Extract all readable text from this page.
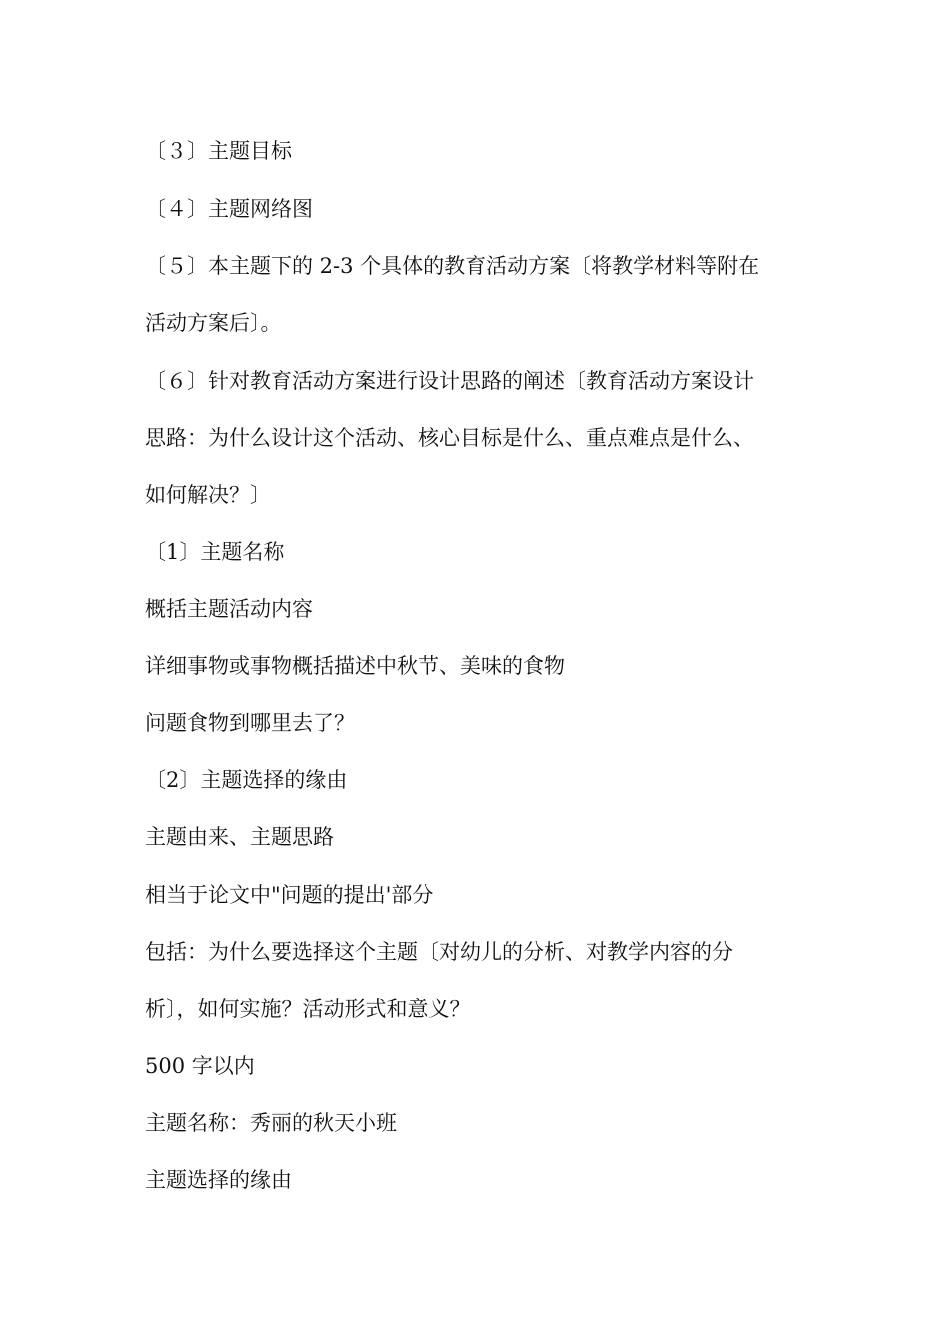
〔３〕主题目标
〔４〕主题网络图
〔５〕本主题下的 2-3 个具体的教育活动方案〔将教学材料等附在
活动方案后〕。
〔６〕针对教育活动方案进行设计思路的阐述〔教育活动方案设计
思路：为什么设计这个活动、核心目标是什么、重点难点是什么、
如何解决？〕
〔1〕主题名称
概括主题活动内容
详细事物或事物概括描述中秋节、美味的食物
问题食物到哪里去了？
〔2〕主题选择的缘由
主题由来、主题思路
相当于论文中"问题的提出'部分
包括：为什么要选择这个主题〔对幼儿的分析、对教学内容的分
析〕，如何实施？活动形式和意义？
500 字以内
主题名称：秀丽的秋天小班
主题选择的缘由
